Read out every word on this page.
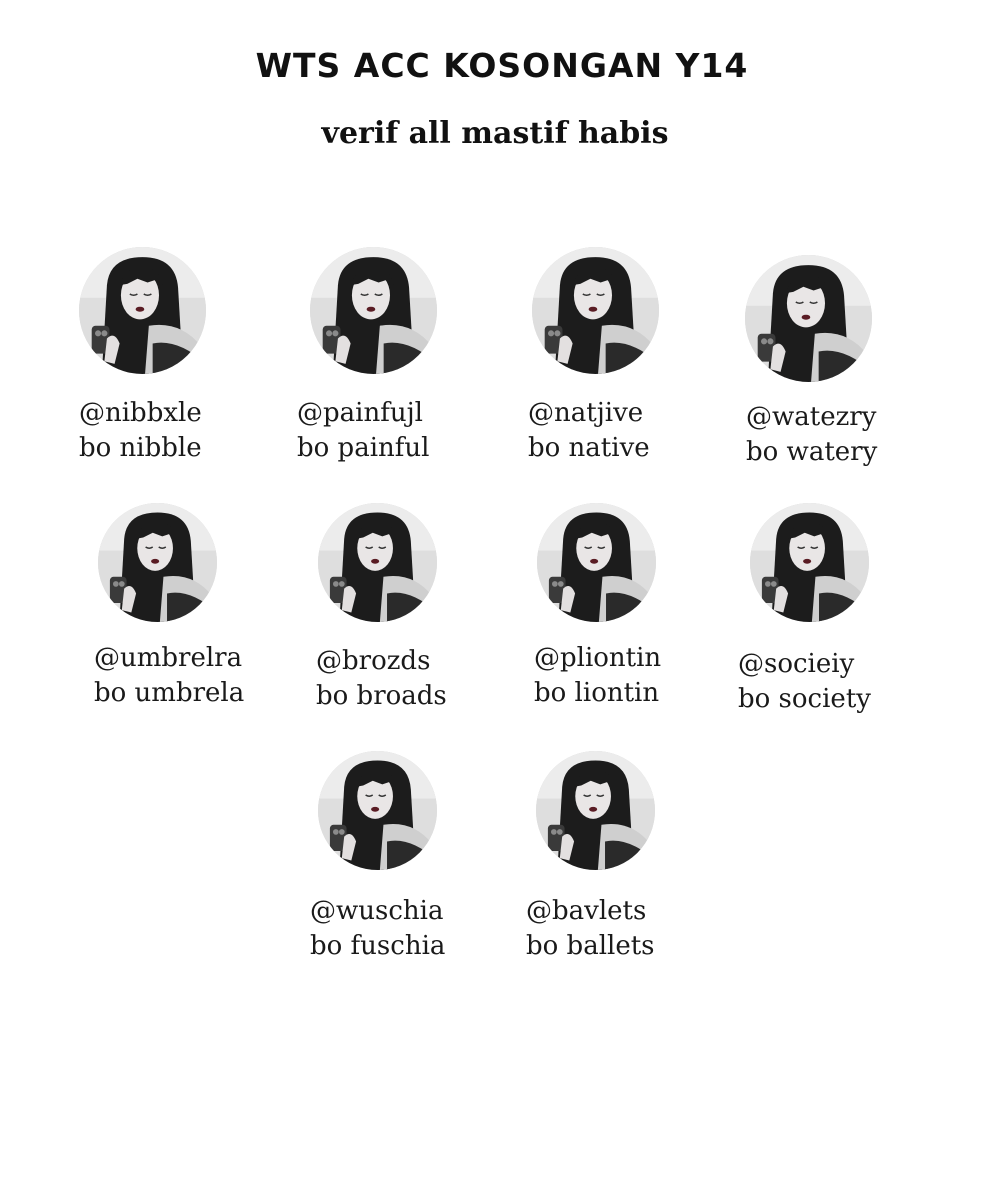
WTS ACC KOSONGAN Y14
verif all mastif habis
@nibbxle
bo nibble
@painfujl
bo painful
@natjive
bo native
@watezry
bo watery
@umbrelra
bo umbrela
@brozds
bo broads
@pliontin
bo liontin
@socieiy
bo society
@wuschia
bo fuschia
@bavlets
bo ballets
